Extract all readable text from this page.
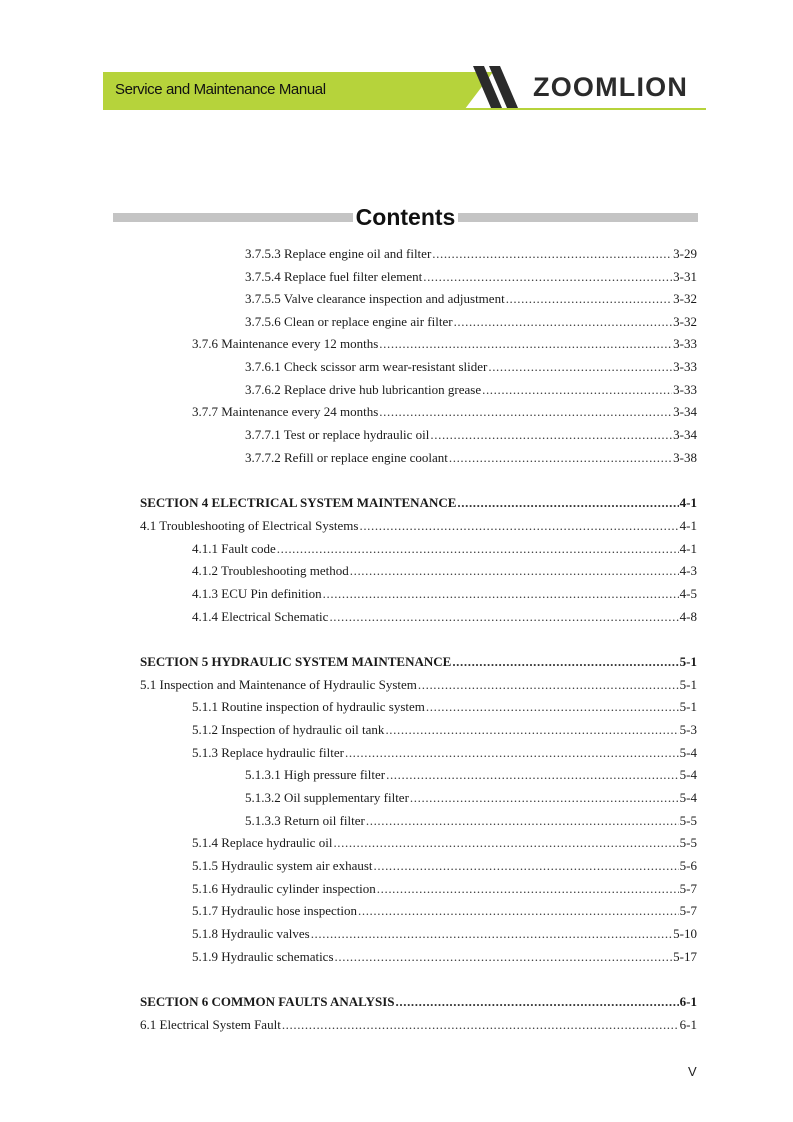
Service and Maintenance Manual	ZOOMLION
Contents
3.7.5.3 Replace engine oil and filter .....	3-29
3.7.5.4 Replace fuel filter element .....	3-31
3.7.5.5 Valve clearance inspection and adjustment .....	3-32
3.7.5.6 Clean or replace engine air filter .....	3-32
3.7.6 Maintenance every 12 months .....	3-33
3.7.6.1 Check scissor arm wear-resistant slider .....	3-33
3.7.6.2 Replace drive hub lubricantion grease .....	3-33
3.7.7 Maintenance every 24 months .....	3-34
3.7.7.1 Test or replace hydraulic oil .....	3-34
3.7.7.2 Refill or replace engine coolant .....	3-38
SECTION 4 ELECTRICAL SYSTEM MAINTENANCE .....	4-1
4.1 Troubleshooting of Electrical Systems .....	4-1
4.1.1 Fault code .....	4-1
4.1.2 Troubleshooting method .....	4-3
4.1.3 ECU Pin definition .....	4-5
4.1.4 Electrical Schematic .....	4-8
SECTION 5 HYDRAULIC SYSTEM MAINTENANCE .....	5-1
5.1 Inspection and Maintenance of Hydraulic System .....	5-1
5.1.1 Routine inspection of hydraulic system .....	5-1
5.1.2 Inspection of hydraulic oil tank .....	5-3
5.1.3 Replace hydraulic filter .....	5-4
5.1.3.1 High pressure filter .....	5-4
5.1.3.2 Oil supplementary filter .....	5-4
5.1.3.3 Return oil filter .....	5-5
5.1.4 Replace hydraulic oil .....	5-5
5.1.5 Hydraulic system air exhaust .....	5-6
5.1.6 Hydraulic cylinder inspection .....	5-7
5.1.7 Hydraulic hose inspection .....	5-7
5.1.8 Hydraulic valves .....	5-10
5.1.9 Hydraulic schematics .....	5-17
SECTION 6 COMMON FAULTS ANALYSIS .....	6-1
6.1 Electrical System Fault .....	6-1
V
